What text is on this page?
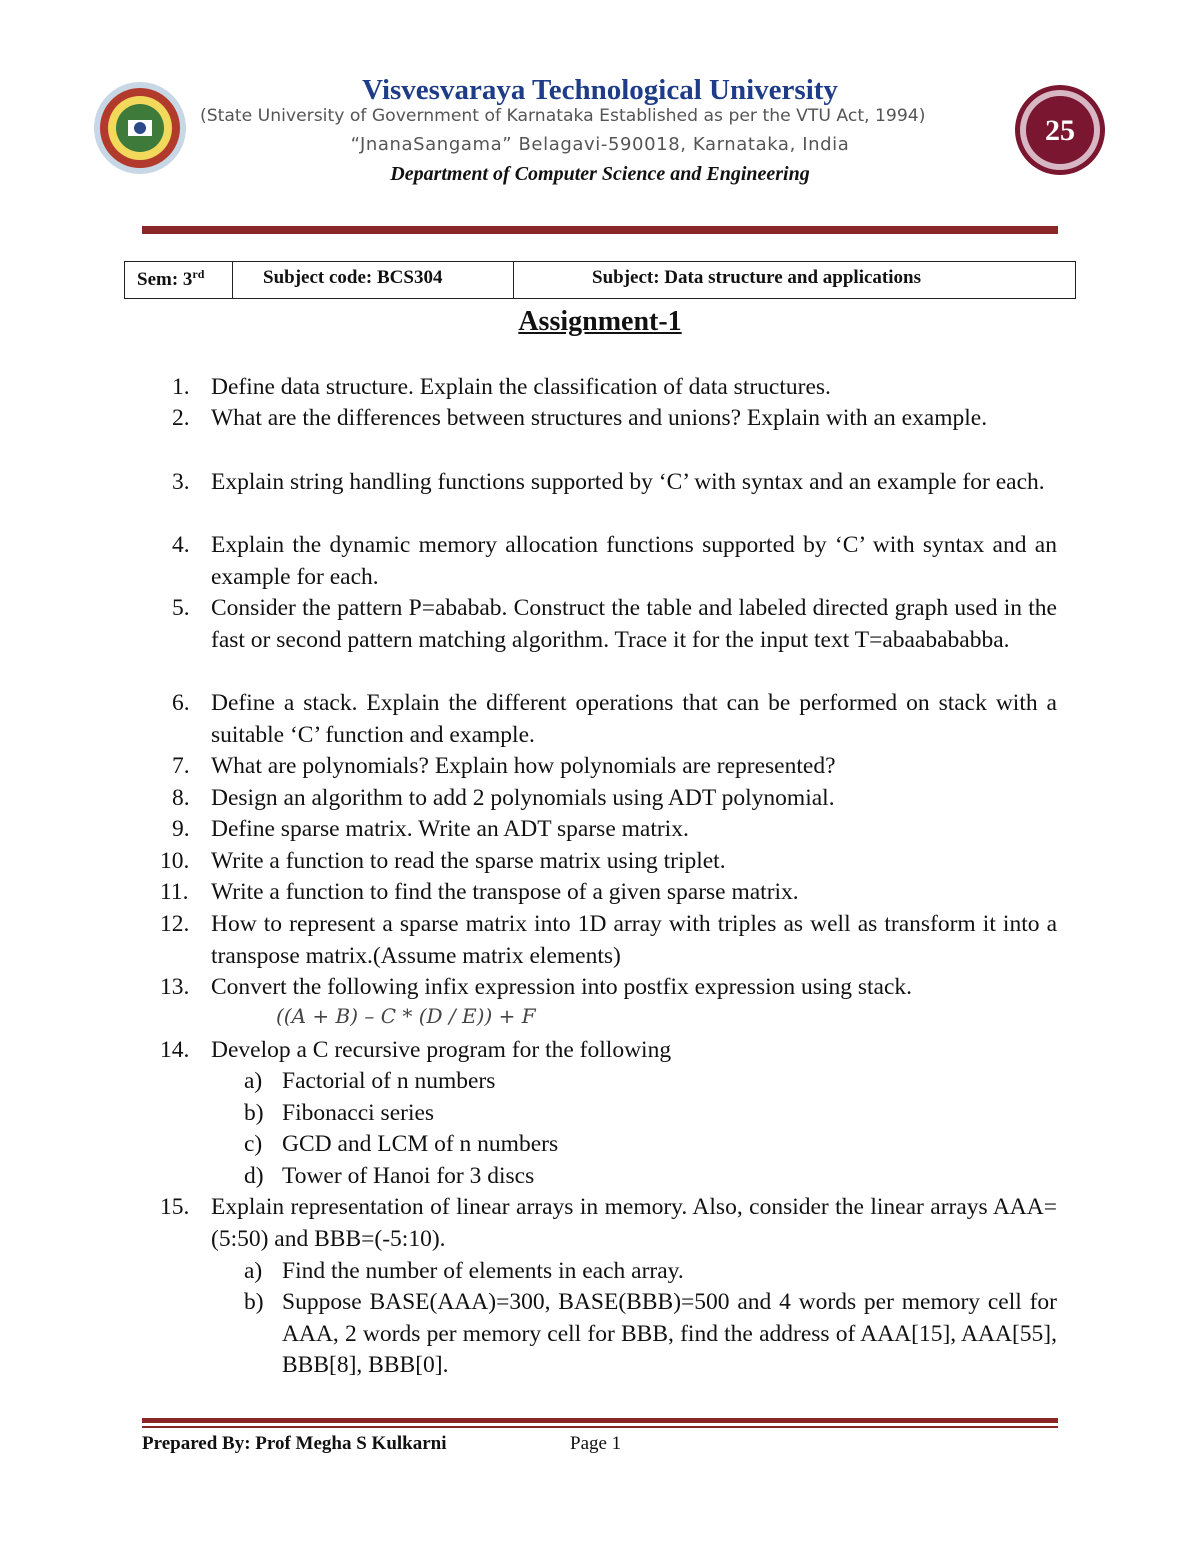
25
Visvesvaraya Technological University
(State University of Government of Karnataka Established as per the VTU Act, 1994)
“JnanaSangama” Belagavi-590018, Karnataka, India
Department of Computer Science and Engineering
Sem: 3rd	Subject code: BCS304	Subject: Data structure and applications
Assignment-1
1. Define data structure. Explain the classification of data structures.
2. What are the differences between structures and unions? Explain with an example.
3. Explain string handling functions supported by ‘C’ with syntax and an example for each.
4. Explain the dynamic memory allocation functions supported by ‘C’ with syntax and an example for each.
5. Consider the pattern P=ababab. Construct the table and labeled directed graph used in the fast or second pattern matching algorithm. Trace it for the input text T=abaabababba.
6. Define a stack. Explain the different operations that can be performed on stack with a suitable ‘C’ function and example.
7. What are polynomials? Explain how polynomials are represented?
8. Design an algorithm to add 2 polynomials using ADT polynomial.
9. Define sparse matrix. Write an ADT sparse matrix.
10. Write a function to read the sparse matrix using triplet.
11. Write a function to find the transpose of a given sparse matrix.
12. How to represent a sparse matrix into 1D array with triples as well as transform it into a transpose matrix.(Assume matrix elements)
13. Convert the following infix expression into postfix expression using stack.
((A + B) – C * (D / E)) + F
14. Develop a C recursive program for the following
a) Factorial of n numbers
b) Fibonacci series
c) GCD and LCM of n numbers
d) Tower of Hanoi for 3 discs
15. Explain representation of linear arrays in memory. Also, consider the linear arrays AAA=(5:50) and BBB=(-5:10).
a) Find the number of elements in each array.
b) Suppose BASE(AAA)=300, BASE(BBB)=500 and 4 words per memory cell for AAA, 2 words per memory cell for BBB, find the address of AAA[15], AAA[55], BBB[8], BBB[0].
Prepared By: Prof Megha S Kulkarni	Page 1
